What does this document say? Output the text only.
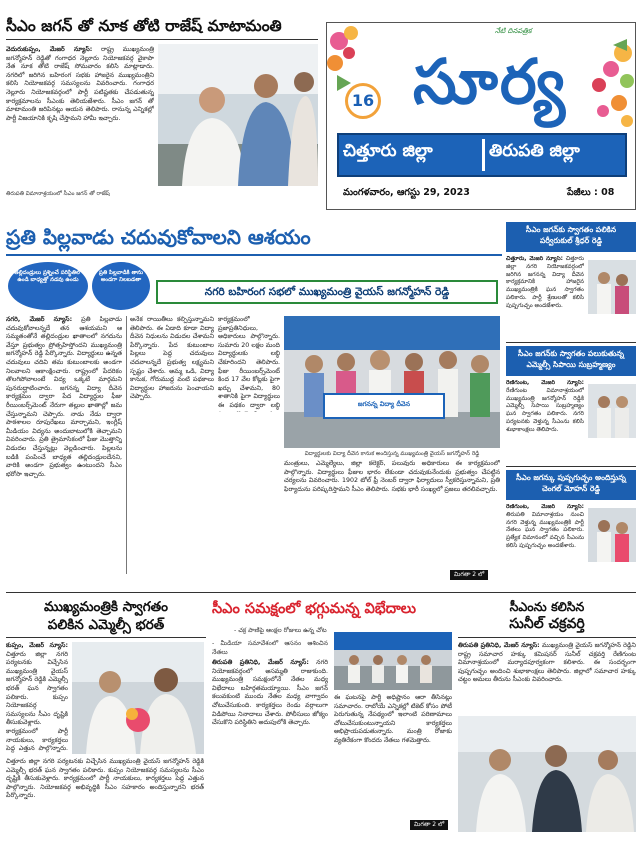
సీఎం జగన్ తో నూక తోటి రాజేష్ మాటామంతి
వెదురుకుప్పం, మేజర్ న్యూస్: రాష్ట్ర ముఖ్యమంత్రి జగన్మోహన్ రెడ్డితో గంగాధర నెల్లూరు నియోజకవర్గ వైకాపా నేత నూక తోటి రాజేష్ సోమవారం కలిసి మాట్లాడారు. నగరిలో జరిగిన బహిరంగ సభకు హాజరైన ముఖ్యమంత్రిని కలిసి నియోజకవర్గ సమస్యలను వివరించారు. గంగాధర నెల్లూరు నియోజకవర్గంలో పార్టీ పటిష్టతకు చేపడుతున్న కార్యక్రమాలను సీఎంకు తెలియజేశారు. సీఎం జగన్ తో మాటామంతి జరిపినట్లు ఆయన తెలిపారు. రానున్న ఎన్నికల్లో పార్టీ విజయానికి కృషి చేస్తామని హామీ ఇచ్చారు.
తిరుపతి విమానాశ్రయంలో సీఎం జగన్ తో రాజేష్
నేటి దినపత్రిక
16 సూర్య
చిత్తూరు జిల్లా	తిరుపతి జిల్లా
మంగళవారం, ఆగస్టు 29, 2023	పేజీలు : 08
ప్రతి పిల్లవాడు చదువుకోవాలని ఆశయం
తల్లిదండ్రులు ప్రశ్నించే పరిస్థితిలో ఉండి బాధ్యత్తో నడవు ఉండు
ప్రతి పిల్లవాడికి తాను అండగా నిలబడతా
నగరి బహిరంగ సభలో ముఖ్యమంత్రి వైయస్ జగన్మోహన్ రెడ్డి
నగరి, మేజర్ న్యూస్: ప్రతి పిల్లవాడు చదువుకోవాలన్నదే తన ఆశయమని ఆ సమ్మతంతోనే తల్లిదండ్రుల ఖాతాలలో నగదును వేస్తూ ప్రభుత్వం ప్రోత్సహిస్తోందని ముఖ్యమంత్రి జగన్మోహన్ రెడ్డి పేర్కొన్నారు. విద్యార్థులు ఉన్నత చదువులు చదివి తమ కుటుంబాలకు అండగా నిలవాలని ఆకాంక్షించారు. రాష్ట్రంలో పేదరికం తొలగిపోవాలంటే విద్య ఒక్కటే మార్గమని పునరుద్ఘాటించారు. జగనన్న విద్యా దీవెన కార్యక్రమం ద్వారా పేద విద్యార్థుల ఫీజు రీయింబర్స్‌మెంట్ నేరుగా తల్లుల ఖాతాల్లో జమ చేస్తున్నామని చెప్పారు. నాడు నేడు ద్వారా పాఠశాలల రూపురేఖలు మార్చామని, ఇంగ్లీష్ మీడియం విద్యను అందుబాటులోకి తెచ్చామని వివరించారు. ప్రతి త్రైమాసికంలో ఫీజు మొత్తాన్ని విడుదల చేస్తున్నట్లు వెల్లడించారు. పిల్లలను బడికి పంపించే బాధ్యత తల్లిదండ్రులదేనని, వారికి అండగా ప్రభుత్వం ఉంటుందని సీఎం భరోసా ఇచ్చారు.
అనేక రాయితీలు కల్పిస్తున్నామని తెలిపారు. ఈ ఏడాది కూడా విద్యా దీవెన నిధులను విడుదల చేశామని పేర్కొన్నారు. పేద కుటుంబాల పిల్లలు పెద్ద చదువులు చదవాలన్నదే ప్రభుత్వ లక్ష్యమని స్పష్టం చేశారు. అమ్మ ఒడి, విద్యా కానుక, గోరుముద్ద వంటి పథకాలు విద్యార్థుల హాజరును పెంచాయని చెప్పారు.
కార్యక్రమంలో ప్రజాప్రతినిధులు, అధికారులు పాల్గొన్నారు. సుమారు 20 లక్షల మంది విద్యార్థులకు లబ్ధి చేకూరిందని తెలిపారు. ఫీజు రీయింబర్స్‌మెంట్ కింద 17 వేల కోట్లకు పైగా ఖర్చు చేశామని, 80 శాతానికి పైగా విద్యార్థులు ఈ పథకం ద్వారా లబ్ధి	జగనన్న విద్యా దీవెన
విద్యార్థులకు విద్యా దీవెన కానుక అందిస్తున్న ముఖ్యమంత్రి వైయస్ జగన్మోహన్ రెడ్డి
మంత్రులు, ఎమ్మెల్యేలు, జిల్లా కలెక్టర్, పలువురు అధికారులు ఈ కార్యక్రమంలో పాల్గొన్నారు. విద్యార్థులు ఫీజుల భారం లేకుండా చదువుకునేందుకు ప్రభుత్వం చేపట్టిన చర్యలను వివరించారు. 1902 టోల్ ఫ్రీ నెంబర్ ద్వారా ఫిర్యాదులు స్వీకరిస్తున్నామని, ప్రతి ఫిర్యాదును పరిష్కరిస్తామని సీఎం తెలిపారు. సభకు భారీ సంఖ్యలో ప్రజలు తరలివచ్చారు.
మిగతా 2 లో
సీఎం జగన్‌కు స్వాగతం పలికిన పర్వీరుకుల్ శ్రీధర్ రెడ్డి
చిత్తూరు, మేజర్ న్యూస్: చిత్తూరు జిల్లా నగరి నియోజకవర్గంలో జరిగిన జగనన్న విద్యా దీవెన కార్యక్రమానికి హాజరైన ముఖ్యమంత్రికి ఘన స్వాగతం పలికారు. పార్టీ శ్రేణులతో కలిసి పుష్పగుచ్ఛం అందజేశారు.
సీఎం జగన్‌కు స్వాగతం పలుకుతున్న ఎమ్మెల్సీ సిపాయి సుబ్రహ్మణ్యం
రేణిగుంట, మేజర్ న్యూస్: రేణిగుంట విమానాశ్రయంలో ముఖ్యమంత్రి జగన్మోహన్ రెడ్డికి ఎమ్మెల్సీ సిపాయి సుబ్రహ్మణ్యం ఘన స్వాగతం పలికారు. నగరి పర్యటనకు వెళ్తున్న సీఎంను కలిసి శుభాకాంక్షలు తెలిపారు.
సీఎం జగన్కు పుష్పగుచ్ఛం అందిస్తున్న చెంగల్ మోహన్ రెడ్డి
రేణిగుంట, మేజర్ న్యూస్: తిరుపతి విమానాశ్రయం నుంచి నగరి వెళ్తున్న ముఖ్యమంత్రికి పార్టీ నేతలు ఘన స్వాగతం పలికారు. ప్రత్యేక విమానంలో వచ్చిన సీఎంను కలిసి పుష్పగుచ్ఛం అందజేశారు.
ముఖ్యమంత్రికి స్వాగతం
పలికిన ఎమ్మెల్సీ భరత్
కుప్పం, మేజర్ న్యూస్: చిత్తూరు జిల్లా నగరి పర్యటనకు విచ్చేసిన ముఖ్యమంత్రి వైయస్ జగన్మోహన్ రెడ్డికి ఎమ్మెల్సీ భరత్ ఘన స్వాగతం పలికారు. కుప్పం నియోజకవర్గ సమస్యలను సీఎం దృష్టికి తీసుకువెళ్లారు. కార్యక్రమంలో పార్టీ నాయకులు, కార్యకర్తలు పెద్ద ఎత్తున పాల్గొన్నారు.
చిత్తూరు జిల్లా నగరి పర్యటనకు విచ్చేసిన ముఖ్యమంత్రి వైయస్ జగన్మోహన్ రెడ్డికి ఎమ్మెల్సీ భరత్ ఘన స్వాగతం పలికారు. కుప్పం నియోజకవర్గ సమస్యలను సీఎం దృష్టికి తీసుకువెళ్లారు. కార్యక్రమంలో పార్టీ నాయకులు, కార్యకర్తలు పెద్ద ఎత్తున పాల్గొన్నారు. నియోజకవర్గ అభివృద్ధికి సీఎం సహకారం అందిస్తున్నారని భరత్ పేర్కొన్నారు.
సీఎం సమక్షంలో భగ్గుమన్న విభేదాలు
- చక్ర పాణిపై ఆంక్షల రోజులు ఉన్న చోట
- మీడియా సమావేశంలో ఆసనం ఆశించిన నేతలు
తిరుపతి ప్రతినిధి, మేజర్ న్యూస్: నగరి నియోజకవర్గంలో అసమ్మతి రాజుకుంది. ముఖ్యమంత్రి సమక్షంలోనే నేతల మధ్య విభేదాలు బహిర్గతమయ్యాయి. సీఎం జగన్ కలువకుంటి ముందు నేతల మధ్య వాగ్వాదం చోటుచేసుకుంది. కార్యకర్తలు రెండు వర్గాలుగా విడిపోయి నినాదాలు చేశారు. పోలీసులు జోక్యం చేసుకొని పరిస్థితిని అదుపులోకి తెచ్చారు.
ఈ ఘటనపై పార్టీ అధిష్టానం ఆరా తీసినట్లు సమాచారం. రాబోయే ఎన్నికల్లో టికెట్ కోసం పోటీ పెరుగుతున్న నేపథ్యంలో ఇలాంటి పరిణామాలు చోటుచేసుకుంటున్నాయని కార్యకర్తలు అభిప్రాయపడుతున్నారు. మంత్రి రోజాకు వ్యతిరేకంగా కొందరు నేతలు గళమెత్తారు.
మిగతా 2 లో
సీఎంను కలిసిన
సునీల్ చక్రవర్తి
తిరుపతి ప్రతినిధి, మేజర్ న్యూస్: ముఖ్యమంత్రి వైయస్ జగన్మోహన్ రెడ్డిని రాష్ట్ర సమాచార హక్కు కమిషనర్ సునీల్ చక్రవర్తి రేణిగుంట విమానాశ్రయంలో మర్యాదపూర్వకంగా కలిశారు. ఈ సందర్భంగా పుష్పగుచ్ఛం అందించి శుభాకాంక్షలు తెలిపారు. జిల్లాలో సమాచార హక్కు చట్టం అమలు తీరును సీఎంకు వివరించారు.
